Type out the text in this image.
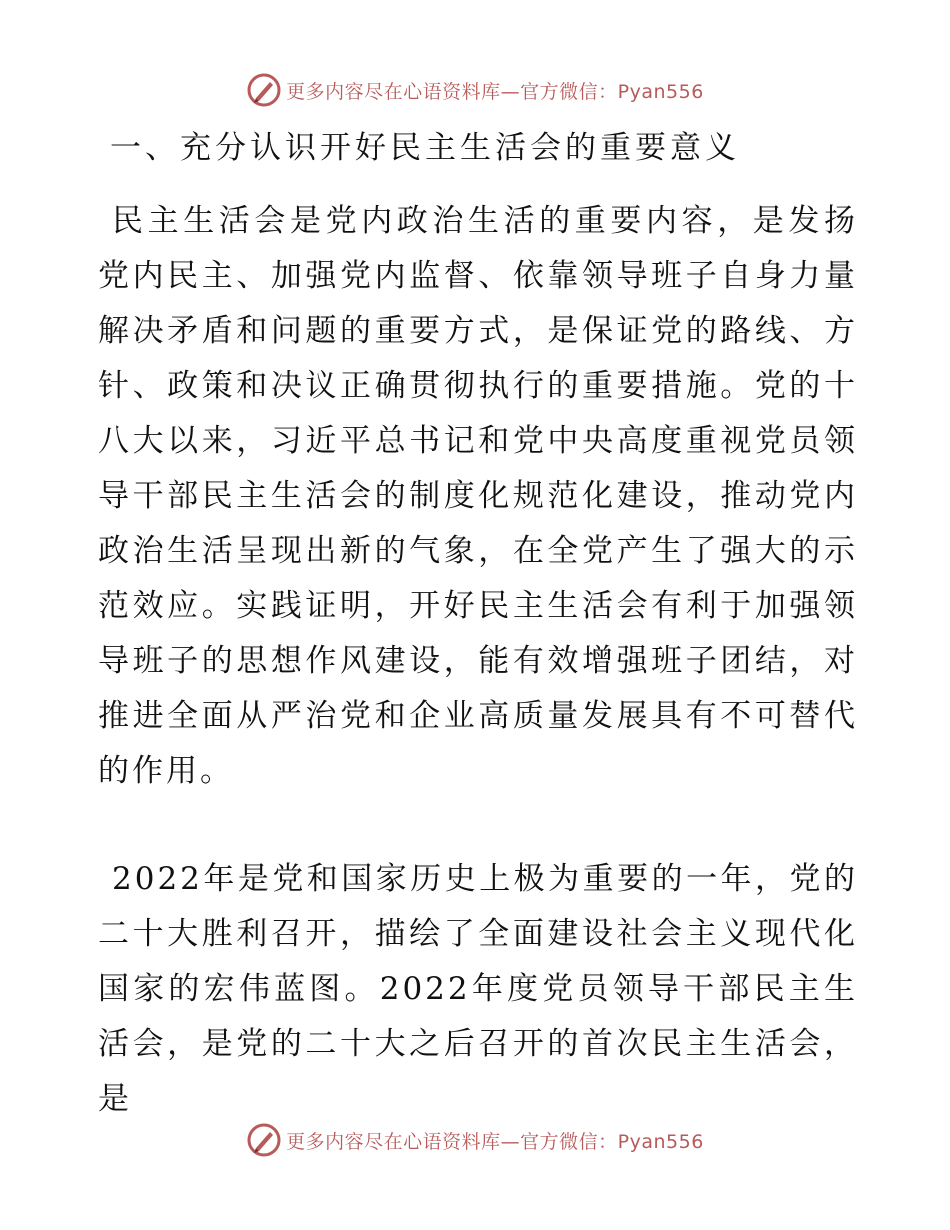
更多内容尽在心语资料库—官方微信：Pyan556
一、充分认识开好民主生活会的重要意义

民主生活会是党内政治生活的重要内容，是发扬党内民主、加强党内监督、依靠领导班子自身力量解决矛盾和问题的重要方式，是保证党的路线、方针、政策和决议正确贯彻执行的重要措施。党的十八大以来，习近平总书记和党中央高度重视党员领导干部民主生活会的制度化规范化建设，推动党内政治生活呈现出新的气象，在全党产生了强大的示范效应。实践证明，开好民主生活会有利于加强领导班子的思想作风建设，能有效增强班子团结，对推进全面从严治党和企业高质量发展具有不可替代的作用。

2022年是党和国家历史上极为重要的一年，党的二十大胜利召开，描绘了全面建设社会主义现代化国家的宏伟蓝图。2022年度党员领导干部民主生活会，是党的二十大之后召开的首次民主生活会，是

更多内容尽在心语资料库—官方微信：Pyan556
